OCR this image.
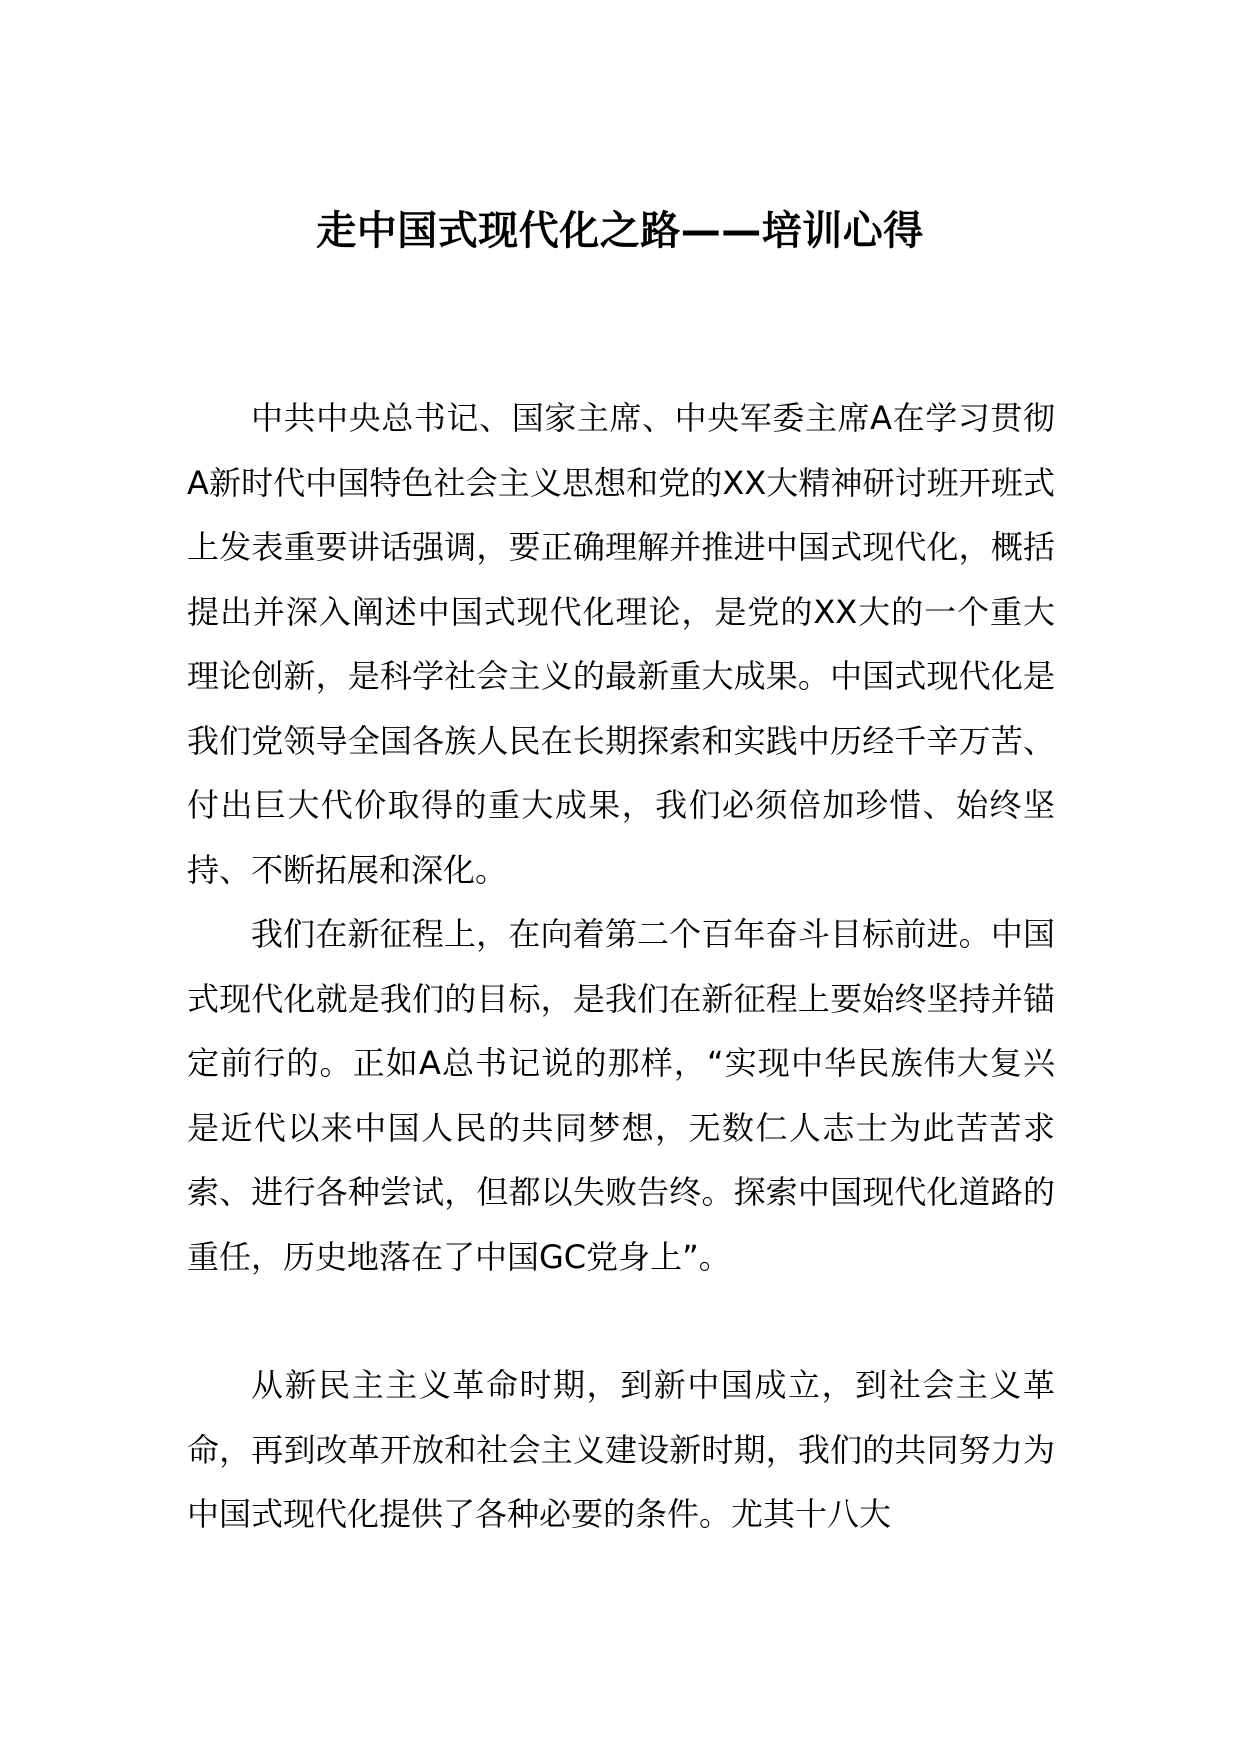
走中国式现代化之路——培训心得

中共中央总书记、国家主席、中央军委主席A在学习贯彻A新时代中国特色社会主义思想和党的XX大精神研讨班开班式上发表重要讲话强调，要正确理解并推进中国式现代化，概括提出并深入阐述中国式现代化理论，是党的XX大的一个重大理论创新，是科学社会主义的最新重大成果。中国式现代化是我们党领导全国各族人民在长期探索和实践中历经千辛万苦、付出巨大代价取得的重大成果，我们必须倍加珍惜、始终坚持、不断拓展和深化。

我们在新征程上，在向着第二个百年奋斗目标前进。中国式现代化就是我们的目标，是我们在新征程上要始终坚持并锚定前行的。正如A总书记说的那样，“实现中华民族伟大复兴是近代以来中国人民的共同梦想，无数仁人志士为此苦苦求索、进行各种尝试，但都以失败告终。探索中国现代化道路的重任，历史地落在了中国GC党身上”。

从新民主主义革命时期，到新中国成立，到社会主义革命，再到改革开放和社会主义建设新时期，我们的共同努力为中国式现代化提供了各种必要的条件。尤其十八大
